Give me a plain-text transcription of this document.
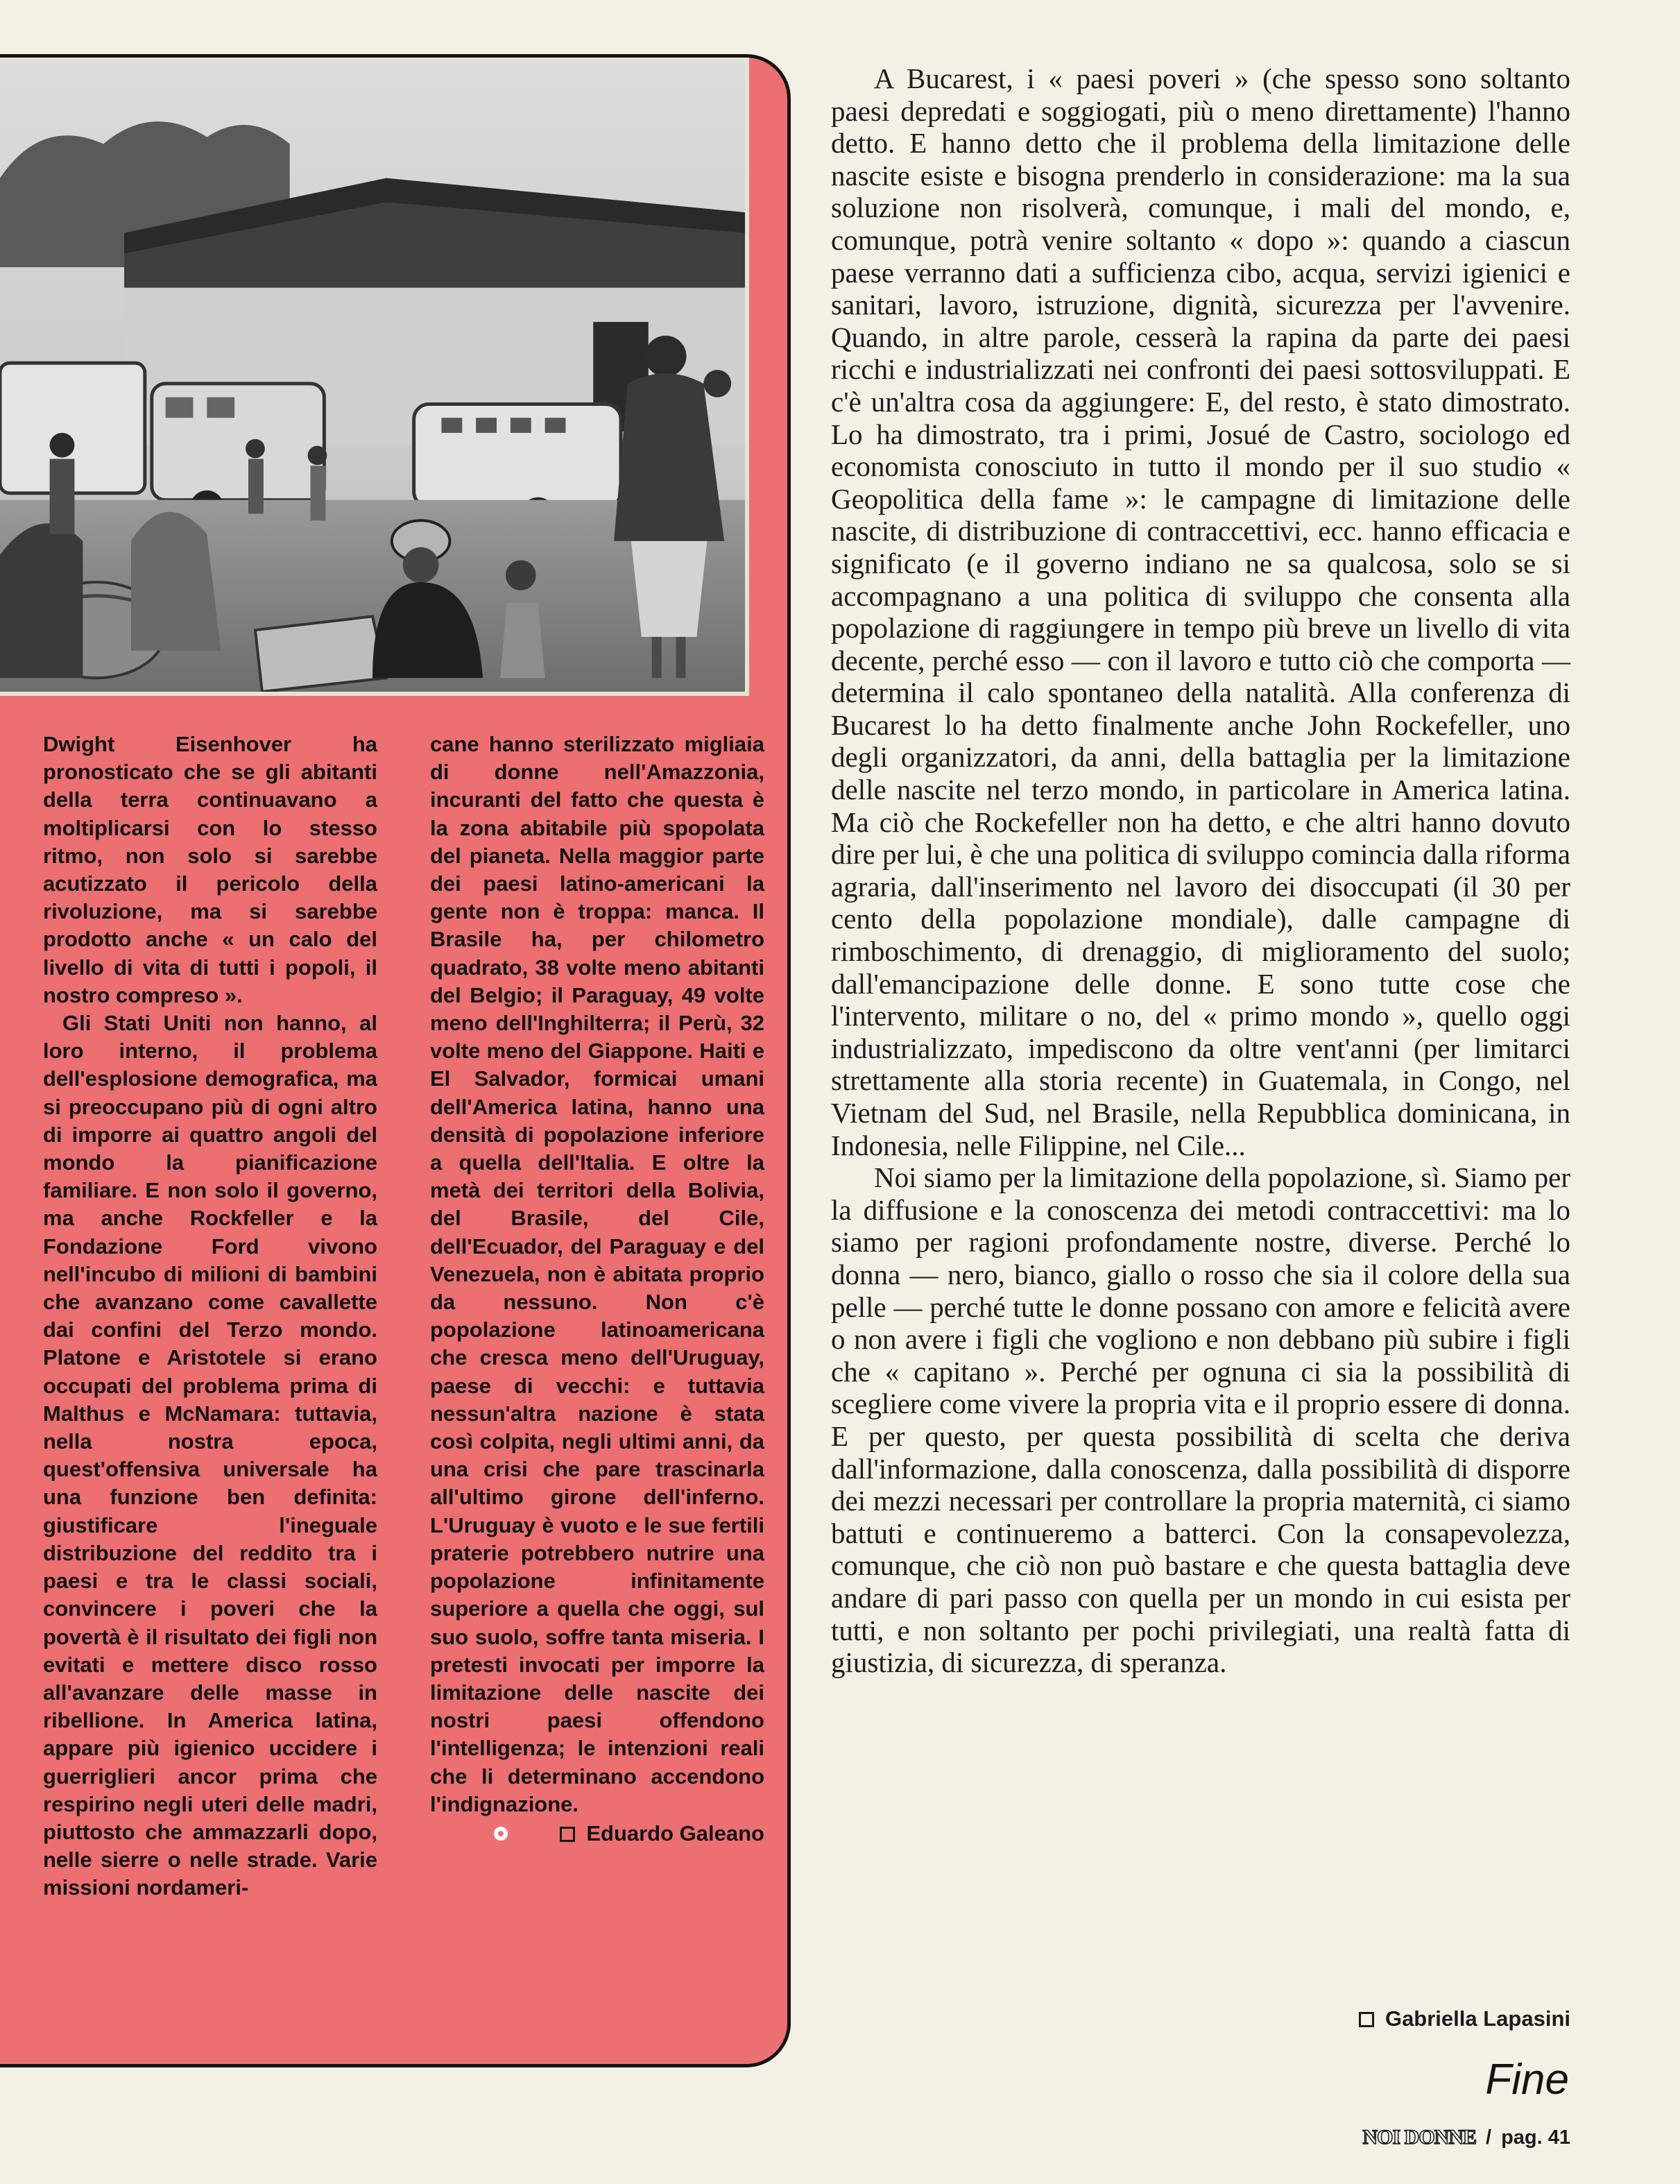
Dwight Eisenhover ha pronosticato che se gli abitanti della terra continuavano a moltiplicarsi con lo stesso ritmo, non solo si sarebbe acutizzato il pericolo della rivoluzione, ma si sarebbe prodotto anche « un calo del livello di vita di tutti i popoli, il nostro compreso ».

Gli Stati Uniti non hanno, al loro interno, il problema dell'esplosione demografica, ma si preoccupano più di ogni altro di imporre ai quattro angoli del mondo la pianificazione familiare. E non solo il governo, ma anche Rockfeller e la Fondazione Ford vivono nell'incubo di milioni di bambini che avanzano come cavallette dai confini del Terzo mondo. Platone e Aristotele si erano occupati del problema prima di Malthus e McNamara: tuttavia, nella nostra epoca, quest'offensiva universale ha una funzione ben definita: giustificare l'ineguale distribuzione del reddito tra i paesi e tra le classi sociali, convincere i poveri che la povertà è il risultato dei figli non evitati e mettere disco rosso all'avanzare delle masse in ribellione. In America latina, appare più igienico uccidere i guerriglieri ancor prima che respirino negli uteri delle madri, piuttosto che ammazzarli dopo, nelle sierre o nelle strade. Varie missioni nordameri-

cane hanno sterilizzato migliaia di donne nell'Amazzonia, incuranti del fatto che questa è la zona abitabile più spopolata del pianeta. Nella maggior parte dei paesi latino-americani la gente non è troppa: manca. Il Brasile ha, per chilometro quadrato, 38 volte meno abitanti del Belgio; il Paraguay, 49 volte meno dell'Inghilterra; il Perù, 32 volte meno del Giappone. Haiti e El Salvador, formicai umani dell'America latina, hanno una densità di popolazione inferiore a quella dell'Italia. E oltre la metà dei territori della Bolivia, del Brasile, del Cile, dell'Ecuador, del Paraguay e del Venezuela, non è abitata proprio da nessuno. Non c'è popolazione latinoamericana che cresca meno dell'Uruguay, paese di vecchi: e tuttavia nessun'altra nazione è stata così colpita, negli ultimi anni, da una crisi che pare trascinarla all'ultimo girone dell'inferno. L'Uruguay è vuoto e le sue fertili praterie potrebbero nutrire una popolazione infinitamente superiore a quella che oggi, sul suo suolo, soffre tanta miseria. I pretesti invocati per imporre la limitazione delle nascite dei nostri paesi offendono l'intelligenza; le intenzioni reali che li determinano accendono l'indignazione.

Eduardo Galeano

A Bucarest, i « paesi poveri » (che spesso sono soltanto paesi depredati e soggiogati, più o meno direttamente) l'hanno detto. E hanno detto che il problema della limitazione delle nascite esiste e bisogna prenderlo in considerazione: ma la sua soluzione non risolverà, comunque, i mali del mondo, e, comunque, potrà venire soltanto « dopo »: quando a ciascun paese verranno dati a sufficienza cibo, acqua, servizi igienici e sanitari, lavoro, istruzione, dignità, sicurezza per l'avvenire. Quando, in altre parole, cesserà la rapina da parte dei paesi ricchi e industrializzati nei confronti dei paesi sottosviluppati. E c'è un'altra cosa da aggiungere: E, del resto, è stato dimostrato. Lo ha dimostrato, tra i primi, Josué de Castro, sociologo ed economista conosciuto in tutto il mondo per il suo studio « Geopolitica della fame »: le campagne di limitazione delle nascite, di distribuzione di contraccettivi, ecc. hanno efficacia e significato (e il governo indiano ne sa qualcosa, solo se si accompagnano a una politica di sviluppo che consenta alla popolazione di raggiungere in tempo più breve un livello di vita decente, perché esso — con il lavoro e tutto ciò che comporta — determina il calo spontaneo della natalità. Alla conferenza di Bucarest lo ha detto finalmente anche John Rockefeller, uno degli organizzatori, da anni, della battaglia per la limitazione delle nascite nel terzo mondo, in particolare in America latina. Ma ciò che Rockefeller non ha detto, e che altri hanno dovuto dire per lui, è che una politica di sviluppo comincia dalla riforma agraria, dall'inserimento nel lavoro dei disoccupati (il 30 per cento della popolazione mondiale), dalle campagne di rimboschimento, di drenaggio, di miglioramento del suolo; dall'emancipazione delle donne. E sono tutte cose che l'intervento, militare o no, del « primo mondo », quello oggi industrializzato, impediscono da oltre vent'anni (per limitarci strettamente alla storia recente) in Guatemala, in Congo, nel Vietnam del Sud, nel Brasile, nella Repubblica dominicana, in Indonesia, nelle Filippine, nel Cile...

Noi siamo per la limitazione della popolazione, sì. Siamo per la diffusione e la conoscenza dei metodi contraccettivi: ma lo siamo per ragioni profondamente nostre, diverse. Perché lo donna — nero, bianco, giallo o rosso che sia il colore della sua pelle — perché tutte le donne possano con amore e felicità avere o non avere i figli che vogliono e non debbano più subire i figli che « capitano ». Perché per ognuna ci sia la possibilità di scegliere come vivere la propria vita e il proprio essere di donna. E per questo, per questa possibilità di scelta che deriva dall'informazione, dalla conoscenza, dalla possibilità di disporre dei mezzi necessari per controllare la propria maternità, ci siamo battuti e continueremo a batterci. Con la consapevolezza, comunque, che ciò non può bastare e che questa battaglia deve andare di pari passo con quella per un mondo in cui esista per tutti, e non soltanto per pochi privilegiati, una realtà fatta di giustizia, di sicurezza, di speranza.

Gabriella Lapasini
Fine
NOI DONNE / pag. 41
